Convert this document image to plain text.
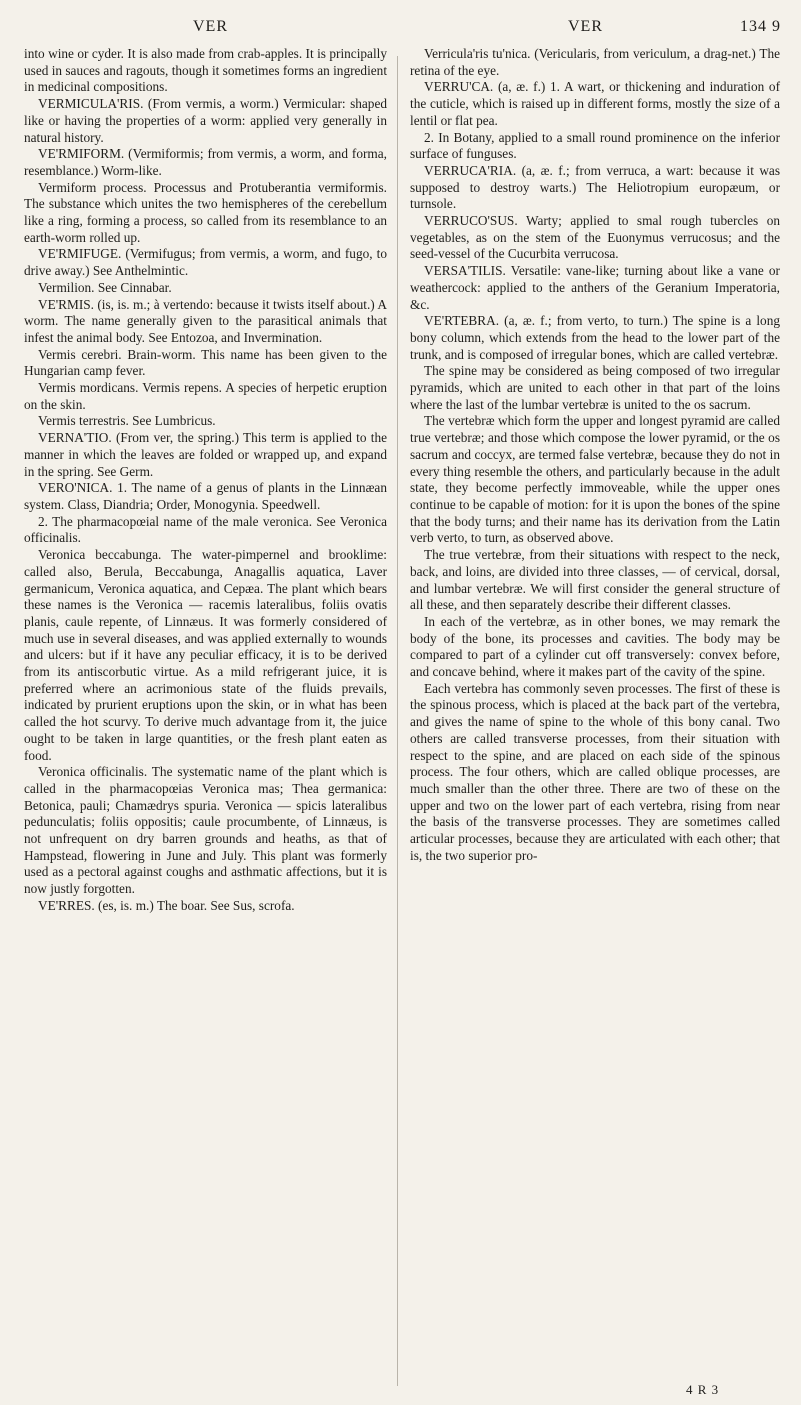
VER	VER	134 9

into wine or cyder. It is also made from crab-apples. It is principally used in sauces and ragouts, though it sometimes forms an ingredient in medicinal compositions.

VERMICULA'RIS. (From vermis, a worm.) Vermicular: shaped like or having the properties of a worm: applied very generally in natural history.

VE'RMIFORM. (Vermiformis; from vermis, a worm, and forma, resemblance.) Worm-like.

Vermiform process. Processus and Protuberantia vermiformis. The substance which unites the two hemispheres of the cerebellum like a ring, forming a process, so called from its resemblance to an earth-worm rolled up.

VE'RMIFUGE. (Vermifugus; from vermis, a worm, and fugo, to drive away.) See Anthelmintic.

Vermilion. See Cinnabar.

VE'RMIS. (is, is. m.; à vertendo: because it twists itself about.) A worm. The name generally given to the parasitical animals that infest the animal body. See Entozoa, and Invermination.

Vermis cerebri. Brain-worm. This name has been given to the Hungarian camp fever.

Vermis mordicans. Vermis repens. A species of herpetic eruption on the skin.

Vermis terrestris. See Lumbricus.

VERNA'TIO. (From ver, the spring.) This term is applied to the manner in which the leaves are folded or wrapped up, and expand in the spring. See Germ.

VERO'NICA. 1. The name of a genus of plants in the Linnæan system. Class, Diandria; Order, Monogynia. Speedwell.

2. The pharmacopœial name of the male veronica. See Veronica officinalis.

Veronica beccabunga. The water-pimpernel and brooklime: called also, Berula, Beccabunga, Anagallis aquatica, Laver germanicum, Veronica aquatica, and Cepæa. The plant which bears these names is the Veronica — racemis lateralibus, foliis ovatis planis, caule repente, of Linnæus. It was formerly considered of much use in several diseases, and was applied externally to wounds and ulcers: but if it have any peculiar efficacy, it is to be derived from its antiscorbutic virtue. As a mild refrigerant juice, it is preferred where an acrimonious state of the fluids prevails, indicated by prurient eruptions upon the skin, or in what has been called the hot scurvy. To derive much advantage from it, the juice ought to be taken in large quantities, or the fresh plant eaten as food.

Veronica officinalis. The systematic name of the plant which is called in the pharmacopœias Veronica mas; Thea germanica: Betonica, pauli; Chamædrys spuria. Veronica — spicis lateralibus pedunculatis; foliis oppositis; caule procumbente, of Linnæus, is not unfrequent on dry barren grounds and heaths, as that of Hampstead, flowering in June and July. This plant was formerly used as a pectoral against coughs and asthmatic affections, but it is now justly forgotten.

VE'RRES. (es, is. m.) The boar. See Sus, scrofa.

Verricula'ris tu'nica. (Vericularis, from vericulum, a drag-net.) The retina of the eye.

VERRU'CA. (a, æ. f.) 1. A wart, or thickening and induration of the cuticle, which is raised up in different forms, mostly the size of a lentil or flat pea.

2. In Botany, applied to a small round prominence on the inferior surface of funguses.

VERRUCA'RIA. (a, æ. f.; from verruca, a wart: because it was supposed to destroy warts.) The Heliotropium europæum, or turnsole.

VERRUCO'SUS. Warty; applied to smal rough tubercles on vegetables, as on the stem of the Euonymus verrucosus; and the seed-vessel of the Cucurbita verrucosa.

VERSA'TILIS. Versatile: vane-like; turning about like a vane or weathercock: applied to the anthers of the Geranium Imperatoria, &c.

VE'RTEBRA. (a, æ. f.; from verto, to turn.) The spine is a long bony column, which extends from the head to the lower part of the trunk, and is composed of irregular bones, which are called vertebræ.

The spine may be considered as being composed of two irregular pyramids, which are united to each other in that part of the loins where the last of the lumbar vertebræ is united to the os sacrum.

The vertebræ which form the upper and longest pyramid are called true vertebræ; and those which compose the lower pyramid, or the os sacrum and coccyx, are termed false vertebræ, because they do not in every thing resemble the others, and particularly because in the adult state, they become perfectly immoveable, while the upper ones continue to be capable of motion: for it is upon the bones of the spine that the body turns; and their name has its derivation from the Latin verb verto, to turn, as observed above.

The true vertebræ, from their situations with respect to the neck, back, and loins, are divided into three classes, — of cervical, dorsal, and lumbar vertebræ. We will first consider the general structure of all these, and then separately describe their different classes.

In each of the vertebræ, as in other bones, we may remark the body of the bone, its processes and cavities. The body may be compared to part of a cylinder cut off transversely: convex before, and concave behind, where it makes part of the cavity of the spine.

Each vertebra has commonly seven processes. The first of these is the spinous process, which is placed at the back part of the vertebra, and gives the name of spine to the whole of this bony canal. Two others are called transverse processes, from their situation with respect to the spine, and are placed on each side of the spinous process. The four others, which are called oblique processes, are much smaller than the other three. There are two of these on the upper and two on the lower part of each vertebra, rising from near the basis of the transverse processes. They are sometimes called articular processes, because they are articulated with each other; that is, the two superior pro-

4 R 3
